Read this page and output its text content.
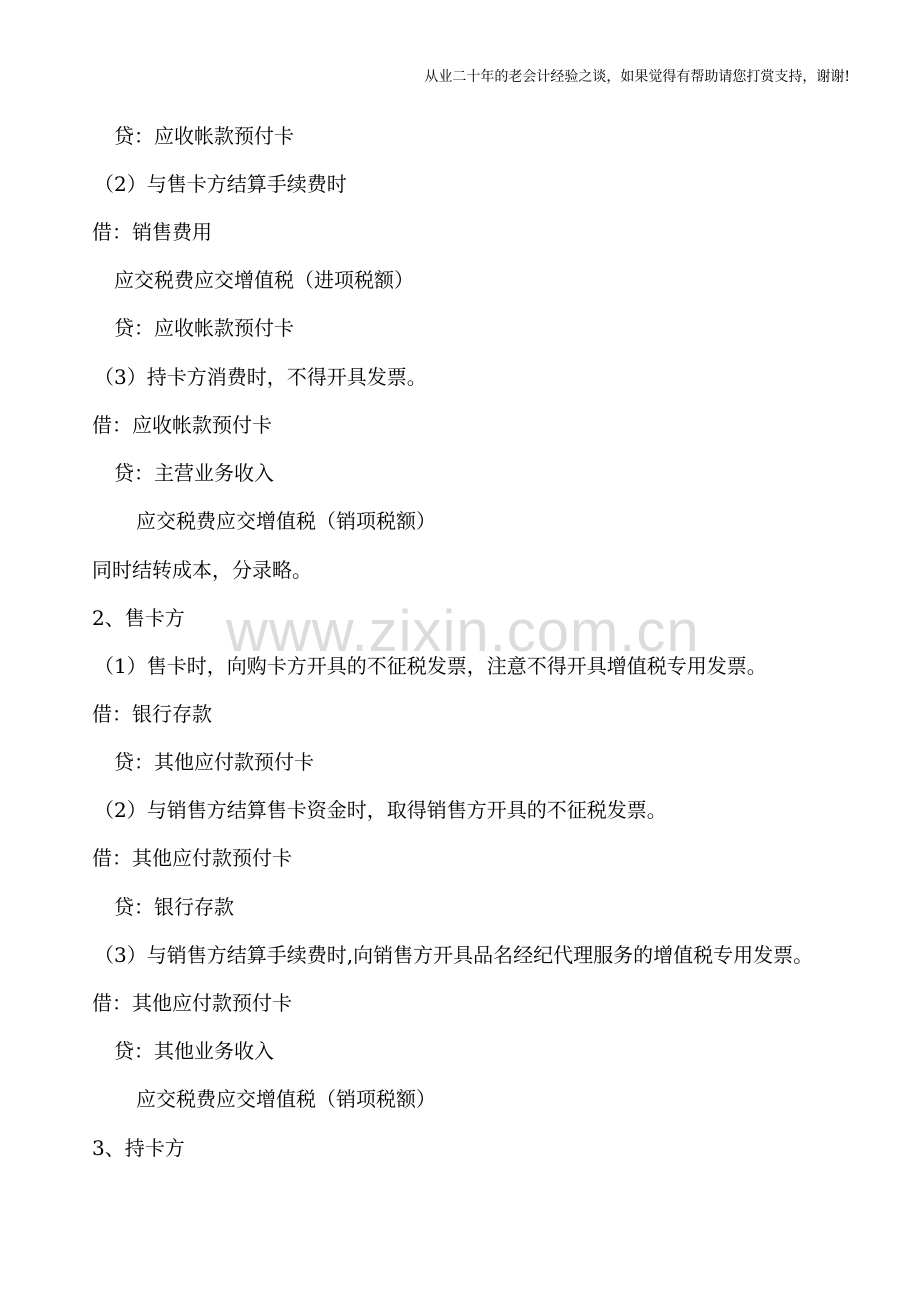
从业二十年的老会计经验之谈，如果觉得有帮助请您打赏支持，谢谢!
www.zixin.com.cn
贷：应收帐款预付卡
（2）与售卡方结算手续费时
借：销售费用
应交税费应交增值税（进项税额）
贷：应收帐款预付卡
（3）持卡方消费时，不得开具发票。
借：应收帐款预付卡
贷：主营业务收入
应交税费应交增值税（销项税额）
同时结转成本，分录略。
2、售卡方
（1）售卡时，向购卡方开具的不征税发票，注意不得开具增值税专用发票。
借：银行存款
贷：其他应付款预付卡
（2）与销售方结算售卡资金时，取得销售方开具的不征税发票。
借：其他应付款预付卡
贷：银行存款
（3）与销售方结算手续费时,向销售方开具品名经纪代理服务的增值税专用发票。
借：其他应付款预付卡
贷：其他业务收入
应交税费应交增值税（销项税额）
3、持卡方
